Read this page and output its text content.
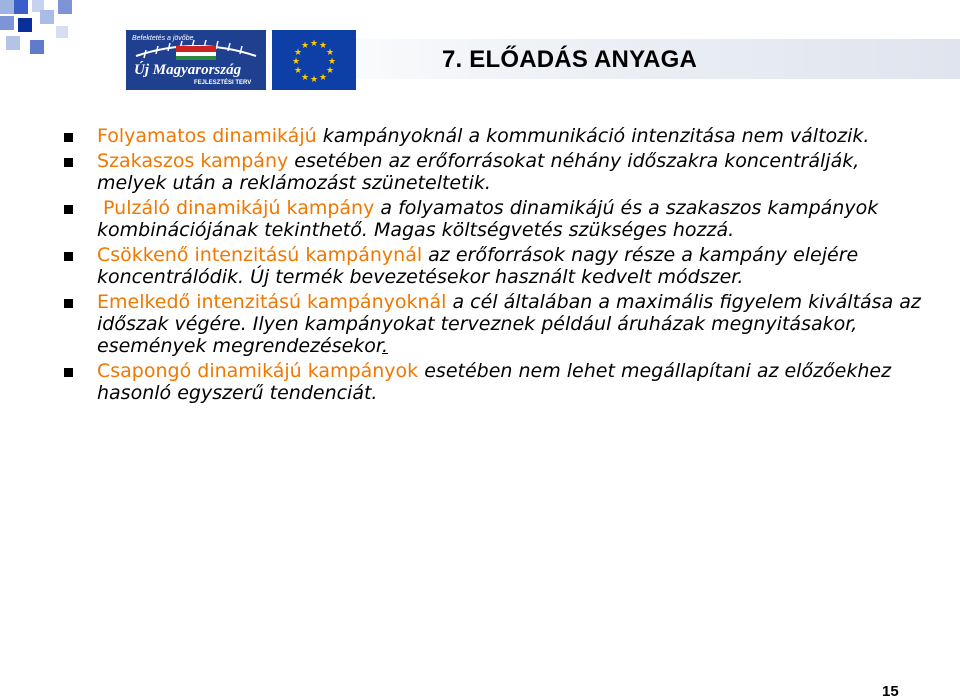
Befektetés a jövőbe
Új Magyarország
FEJLESZTÉSI TERV
★ ★
★
★
★
★
★
★
★
★
★
★	7. ELŐADÁS ANYAGA
Folyamatos dinamikájú kampányoknál a kommunikáció intenzitása nem változik.
Szakaszos kampány esetében az erőforrásokat néhány időszakra koncentrálják, melyek után a reklámozást szüneteltetik.
Pulzáló dinamikájú kampány a folyamatos dinamikájú és a szakaszos kampányok kombinációjának tekinthető. Magas költségvetés szükséges hozzá.
Csökkenő intenzitású kampánynál az erőforrások nagy része a kampány elejére koncentrálódik. Új termék bevezetésekor használt kedvelt módszer.
Emelkedő intenzitású kampányoknál a cél általában a maximális figyelem kiváltása az időszak végére. Ilyen kampányokat terveznek például áruházak megnyitásakor, események megrendezésekor.
Csapongó dinamikájú kampányok esetében nem lehet megállapítani az előzőekhez hasonló egyszerű tendenciát.
15
